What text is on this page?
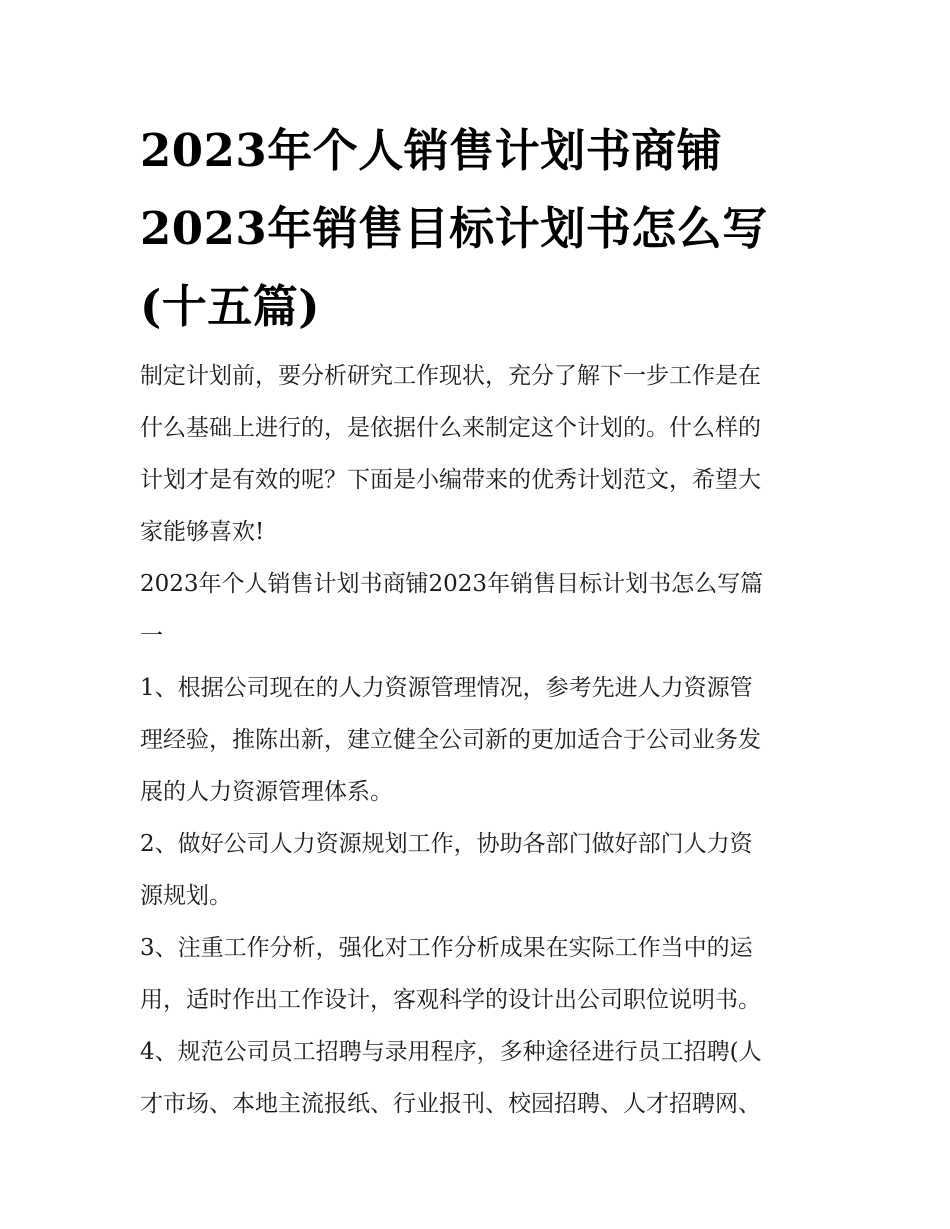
2023年个人销售计划书商铺
2023年销售目标计划书怎么写
(十五篇)

制定计划前，要分析研究工作现状，充分了解下一步工作是在
什么基础上进行的，是依据什么来制定这个计划的。什么样的
计划才是有效的呢？下面是小编带来的优秀计划范文，希望大
家能够喜欢!

2023年个人销售计划书商铺2023年销售目标计划书怎么写篇
一

1、根据公司现在的人力资源管理情况，参考先进人力资源管
理经验，推陈出新，建立健全公司新的更加适合于公司业务发
展的人力资源管理体系。

2、做好公司人力资源规划工作，协助各部门做好部门人力资
源规划。

3、注重工作分析，强化对工作分析成果在实际工作当中的运
用，适时作出工作设计，客观科学的设计出公司职位说明书。

4、规范公司员工招聘与录用程序，多种途径进行员工招聘(人
才市场、本地主流报纸、行业报刊、校园招聘、人才招聘网、
